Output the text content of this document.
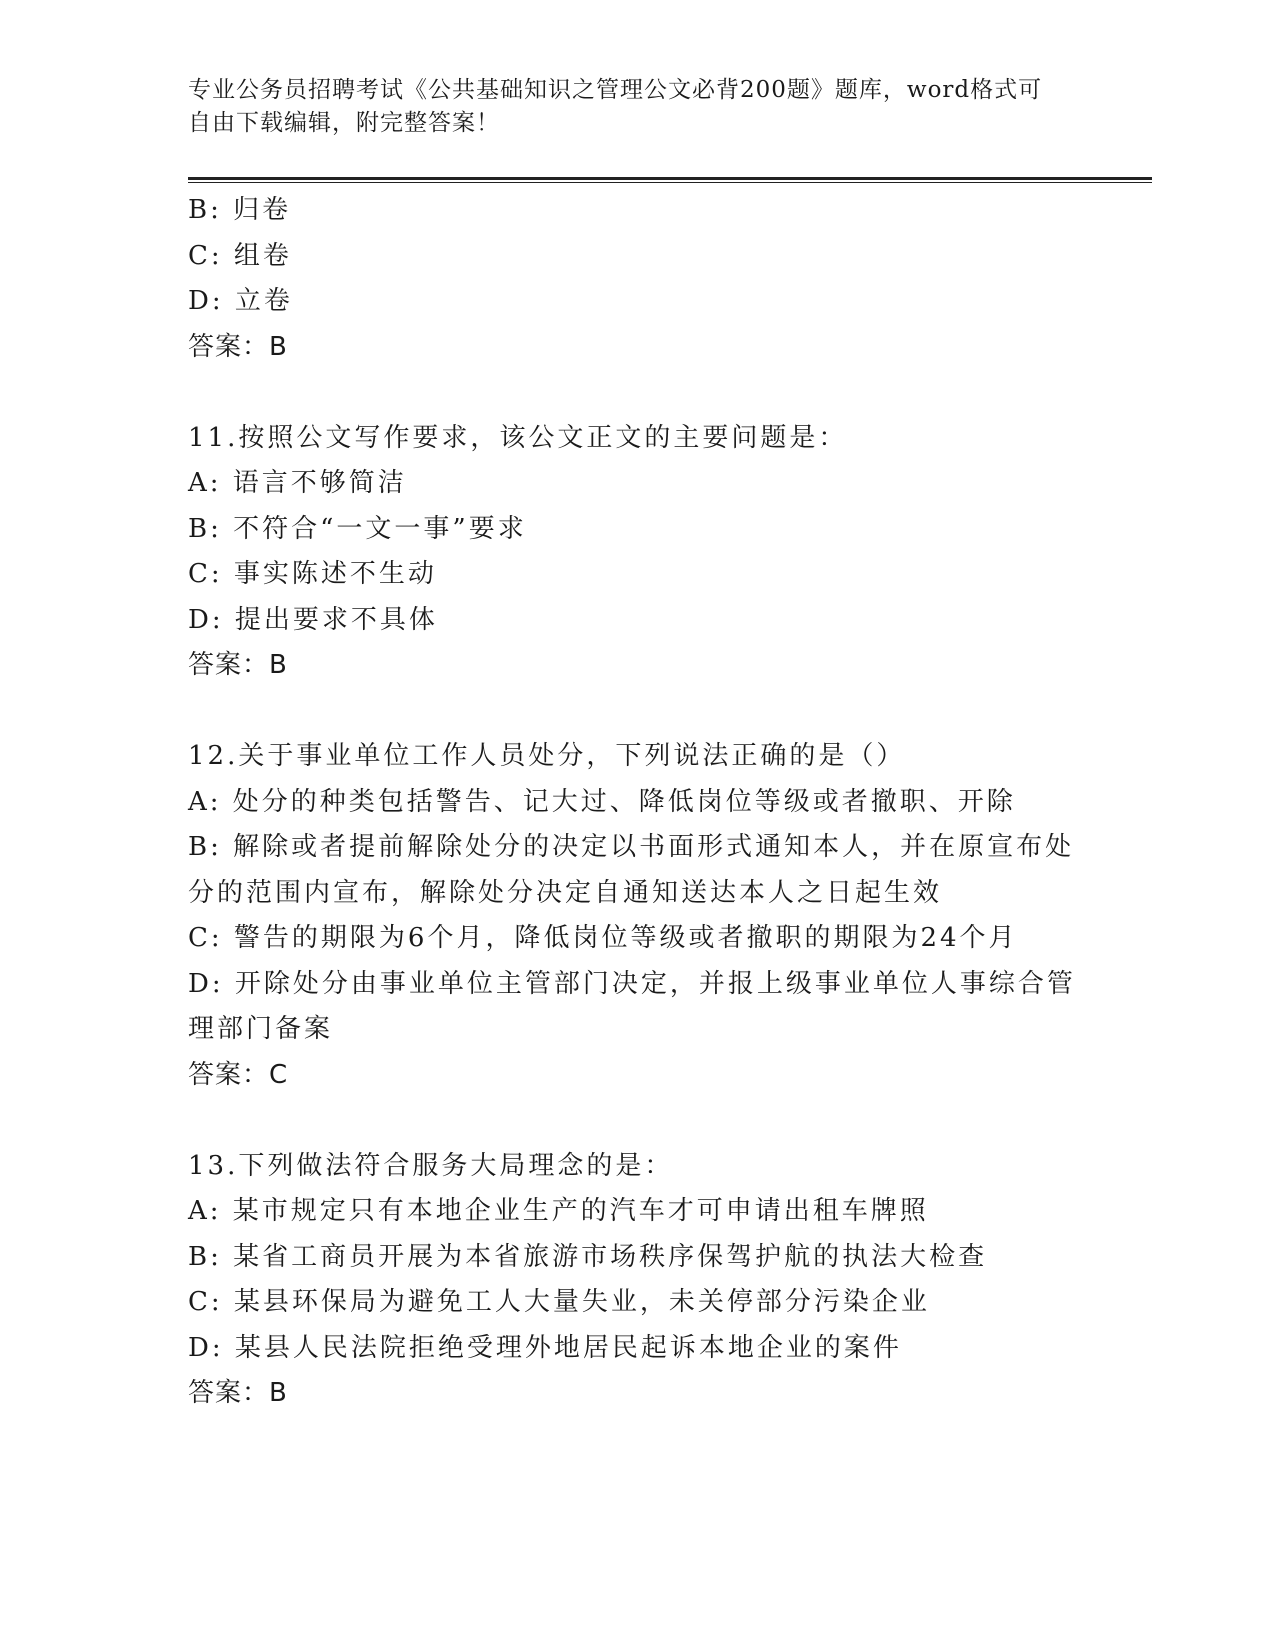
专业公务员招聘考试《公共基础知识之管理公文必背200题》题库，word格式可
自由下载编辑，附完整答案！
B: 归卷
C: 组卷
D: 立卷
答案：B
11.按照公文写作要求，该公文正文的主要问题是：
A: 语言不够简洁
B: 不符合“一文一事”要求
C: 事实陈述不生动
D: 提出要求不具体
答案：B
12.关于事业单位工作人员处分，下列说法正确的是（）
A: 处分的种类包括警告、记大过、降低岗位等级或者撤职、开除
B: 解除或者提前解除处分的决定以书面形式通知本人，并在原宣布处
分的范围内宣布，解除处分决定自通知送达本人之日起生效
C: 警告的期限为6个月，降低岗位等级或者撤职的期限为24个月
D: 开除处分由事业单位主管部门决定，并报上级事业单位人事综合管
理部门备案
答案：C
13.下列做法符合服务大局理念的是：
A: 某市规定只有本地企业生产的汽车才可申请出租车牌照
B: 某省工商员开展为本省旅游市场秩序保驾护航的执法大检查
C: 某县环保局为避免工人大量失业，未关停部分污染企业
D: 某县人民法院拒绝受理外地居民起诉本地企业的案件
答案：B
